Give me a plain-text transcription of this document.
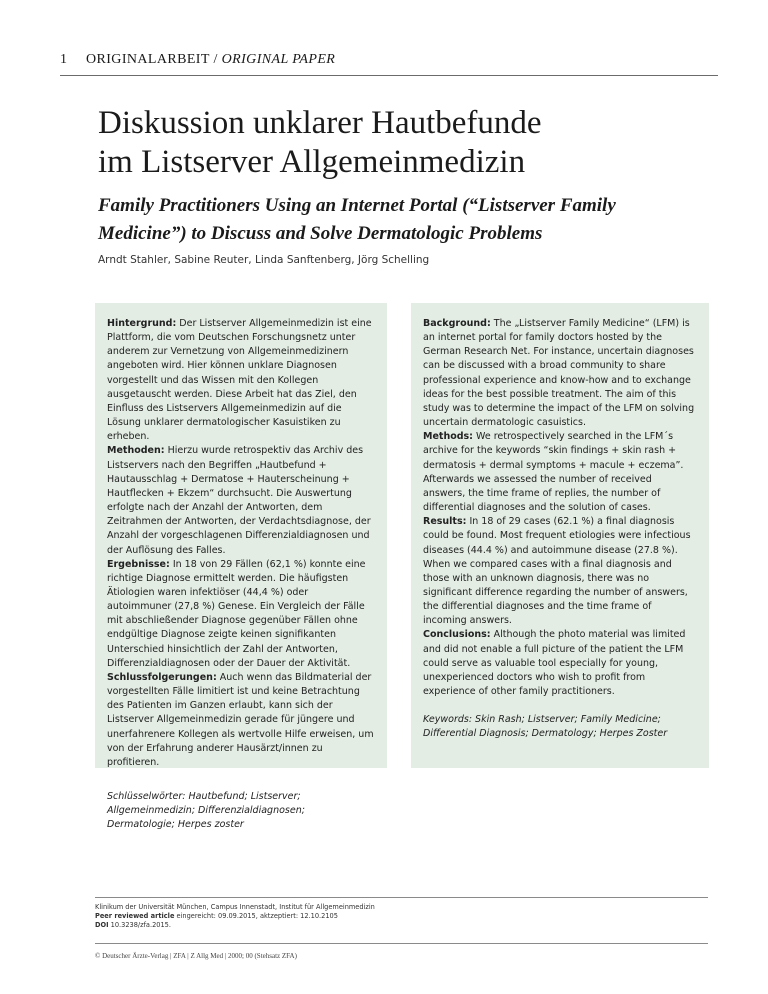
1 ORIGINALARBEIT / ORIGINAL PAPER
Diskussion unklarer Hautbefunde
im Listserver Allgemeinmedizin
Family Practitioners Using an Internet Portal (“Listserver Family
Medicine”) to Discuss and Solve Dermatologic Problems
Arndt Stahler, Sabine Reuter, Linda Sanftenberg, Jörg Schelling

Hintergrund: Der Listserver Allgemeinmedizin ist eine Plattform, die vom Deutschen Forschungsnetz unter anderem zur Vernetzung von Allgemeinmedizinern angeboten wird. Hier können unklare Diagnosen vorgestellt und das Wissen mit den Kollegen ausgetauscht werden. Diese Arbeit hat das Ziel, den Einfluss des Listservers Allgemeinmedizin auf die Lösung unklarer dermatologischer Kasuistiken zu erheben.

Methoden: Hierzu wurde retrospektiv das Archiv des Listservers nach den Begriffen „Hautbefund + Hautausschlag + Dermatose + Hauterscheinung + Hautflecken + Ekzem“ durchsucht. Die Auswertung erfolgte nach der Anzahl der Antworten, dem Zeitrahmen der Antworten, der Verdachtsdiagnose, der Anzahl der vorgeschlagenen Differenzialdiagnosen und der Auflösung des Falles.

Ergebnisse: In 18 von 29 Fällen (62,1 %) konnte eine richtige Diagnose ermittelt werden. Die häufigsten Ätiologien waren infektiöser (44,4 %) oder autoimmuner (27,8 %) Genese. Ein Vergleich der Fälle mit abschließender Diagnose gegenüber Fällen ohne endgültige Diagnose zeigte keinen signifikanten Unterschied hinsichtlich der Zahl der Antworten, Differenzialdiagnosen oder der Dauer der Aktivität.

Schlussfolgerungen: Auch wenn das Bildmaterial der vorgestellten Fälle limitiert ist und keine Betrachtung des Patienten im Ganzen erlaubt, kann sich der Listserver Allgemeinmedizin gerade für jüngere und unerfahrenere Kollegen als wertvolle Hilfe erweisen, um von der Erfahrung anderer Hausärzt/innen zu profitieren.

Schlüsselwörter: Hautbefund; Listserver; Allgemeinmedizin; Differenzialdiagnosen; Dermatologie; Herpes zoster

Background: The „Listserver Family Medicine“ (LFM) is an internet portal for family doctors hosted by the German Research Net. For instance, uncertain diagnoses can be discussed with a broad community to share professional experience and know-how and to exchange ideas for the best possible treatment. The aim of this study was to determine the impact of the LFM on solving uncertain dermatologic casuistics.

Methods: We retrospectively searched in the LFM´s archive for the keywords “skin findings + skin rash + dermatosis + dermal symptoms + macule + eczema”. Afterwards we assessed the number of received answers, the time frame of replies, the number of differential diagnoses and the solution of cases.

Results: In 18 of 29 cases (62.1 %) a final diagnosis could be found. Most frequent etiologies were infectious diseases (44.4 %) and autoimmune disease (27.8 %). When we compared cases with a final diagnosis and those with an unknown diagnosis, there was no significant difference regarding the number of answers, the differential diagnoses and the time frame of incoming answers.

Conclusions: Although the photo material was limited and did not enable a full picture of the patient the LFM could serve as valuable tool especially for young, unexperienced doctors who wish to profit from experience of other family practitioners.

Keywords: Skin Rash; Listserver; Family Medicine; Differential Diagnosis; Dermatology; Herpes Zoster

Klinikum der Universität München, Campus Innenstadt, Institut für Allgemeinmedizin

Peer reviewed article eingereicht: 09.09.2015, aktzeptiert: 12.10.2105

DOI 10.3238/zfa.2015.

© Deutscher Ärzte-Verlag | ZFA | Z Allg Med | 2000; 00 (Stehsatz ZFA)
